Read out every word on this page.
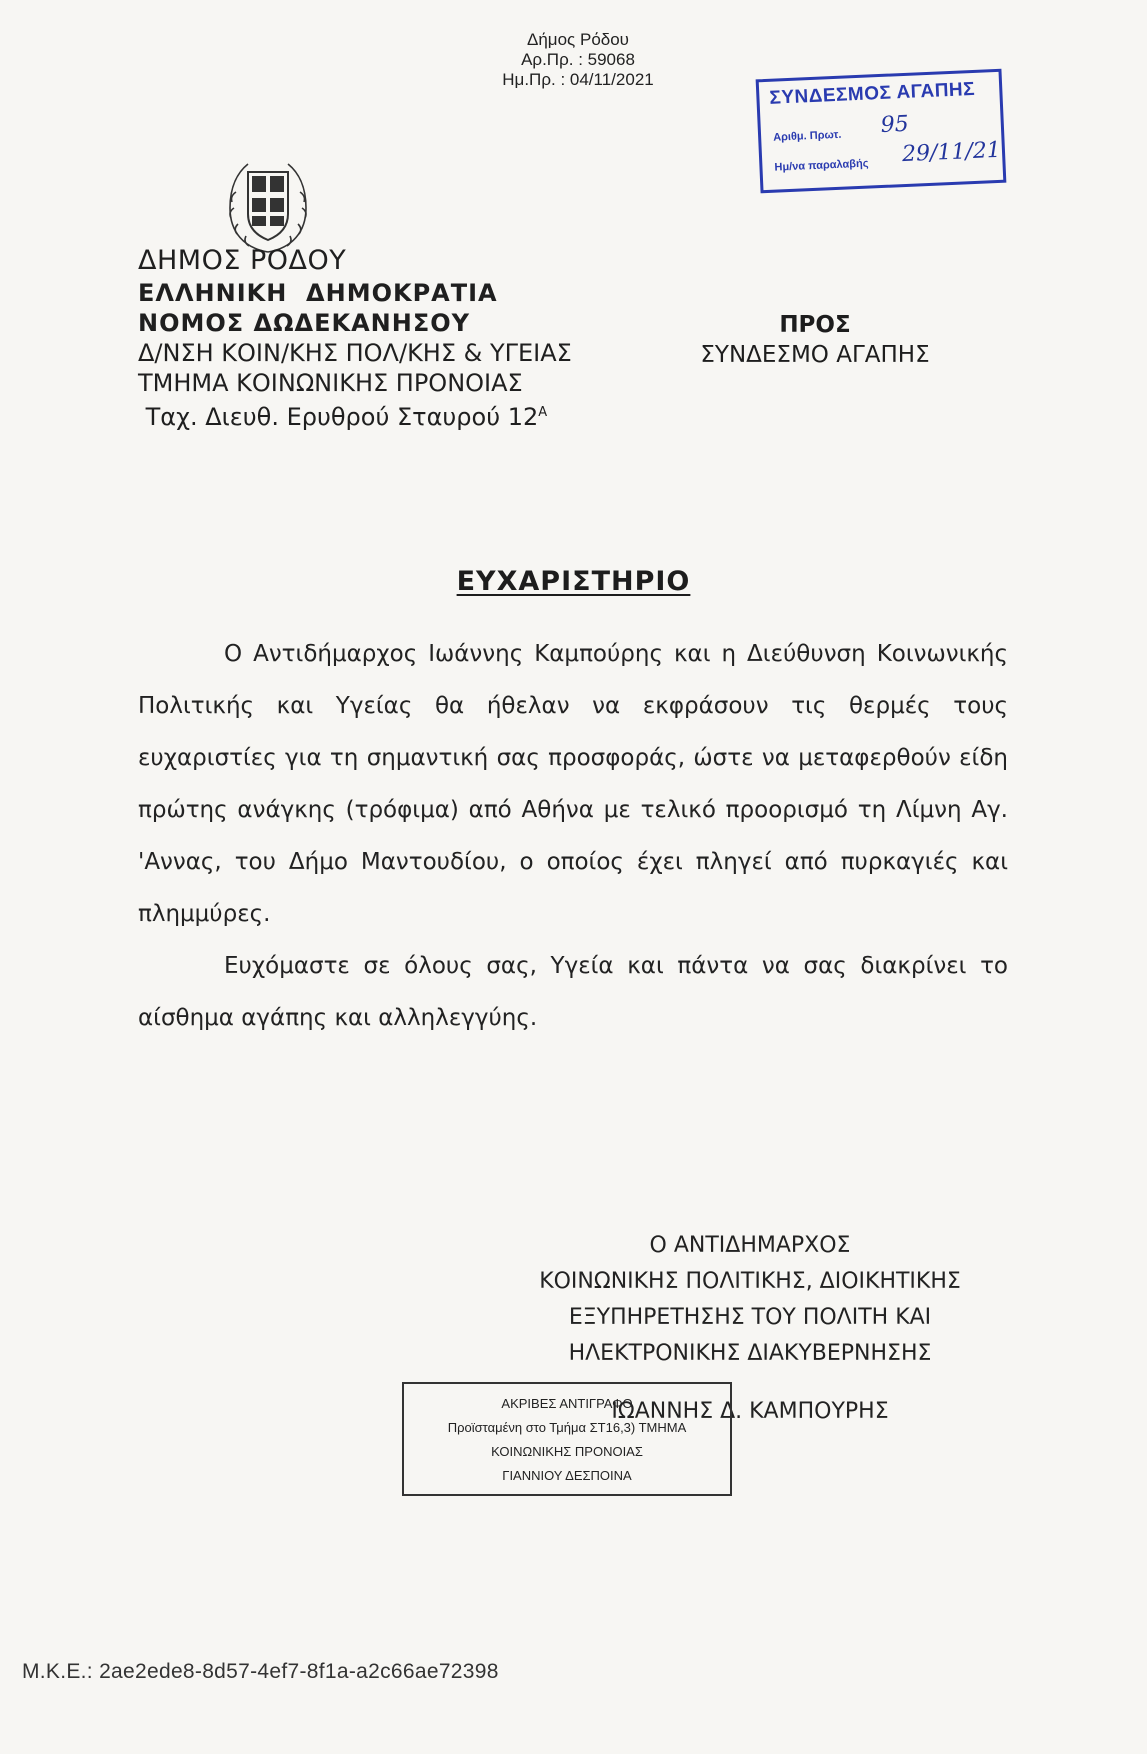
Δήμος Ρόδου
Αρ.Πρ. : 59068
Ημ.Πρ. : 04/11/2021	ΣΥΝΔΕΣΜΟΣ ΑΓΑΠΗΣ
Αριθμ. Πρωτ. 95
Ημ/να παραλαβής 29/11/21
ΔΗΜΟΣ ΡΟΔΟΥ
ΕΛΛΗΝΙΚΗ  ΔΗΜΟΚΡΑΤΙΑ
ΝΟΜΟΣ ΔΩΔΕΚΑΝΗΣΟΥ
Δ/ΝΣΗ ΚΟΙΝ/ΚΗΣ ΠΟΛ/ΚΗΣ & ΥΓΕΙΑΣ
ΤΜΗΜΑ ΚΟΙΝΩΝΙΚΗΣ ΠΡΟΝΟΙΑΣ
Ταχ. Διευθ. Ερυθρού Σταυρού $12^A$
ΠΡΟΣ
ΣΥΝΔΕΣΜΟ ΑΓΑΠΗΣ
ΕΥΧΑΡΙΣΤΗΡΙΟ

Ο Αντιδήμαρχος Ιωάννης Καμπούρης και η Διεύθυνση Κοινωνικής Πολιτικής και Υγείας θα ήθελαν να εκφράσουν τις θερμές τους ευχαριστίες για τη σημαντική σας προσφοράς, ώστε να μεταφερθούν είδη πρώτης ανάγκης (τρόφιμα) από Αθήνα με τελικό προορισμό τη Λίμνη Αγ. 'Αννας, του Δήμο Μαντουδίου, ο οποίος έχει πληγεί από πυρκαγιές και πλημμύρες.

Ευχόμαστε σε όλους σας, Υγεία και πάντα να σας διακρίνει το αίσθημα αγάπης και αλληλεγγύης.

Ο ΑΝΤΙΔΗΜΑΡΧΟΣ
ΚΟΙΝΩΝΙΚΗΣ ΠΟΛΙΤΙΚΗΣ, ΔΙΟΙΚΗΤΙΚΗΣ
ΕΞΥΠΗΡΕΤΗΣΗΣ ΤΟΥ ΠΟΛΙΤΗ ΚΑΙ
ΗΛΕΚΤΡΟΝΙΚΗΣ ΔΙΑΚΥΒΕΡΝΗΣΗΣ
ΙΩΑΝΝΗΣ Δ. ΚΑΜΠΟΥΡΗΣ
ΑΚΡΙΒΕΣ ΑΝΤΙΓΡΑΦΟ
Προϊσταμένη στο Τμήμα ΣΤ16,3) ΤΜΗΜΑ
ΚΟΙΝΩΝΙΚΗΣ ΠΡΟΝΟΙΑΣ
ΓΙΑΝΝΙΟΥ ΔΕΣΠΟΙΝΑ
Μ.Κ.Ε.: 2ae2ede8-8d57-4ef7-8f1a-a2c66ae72398
